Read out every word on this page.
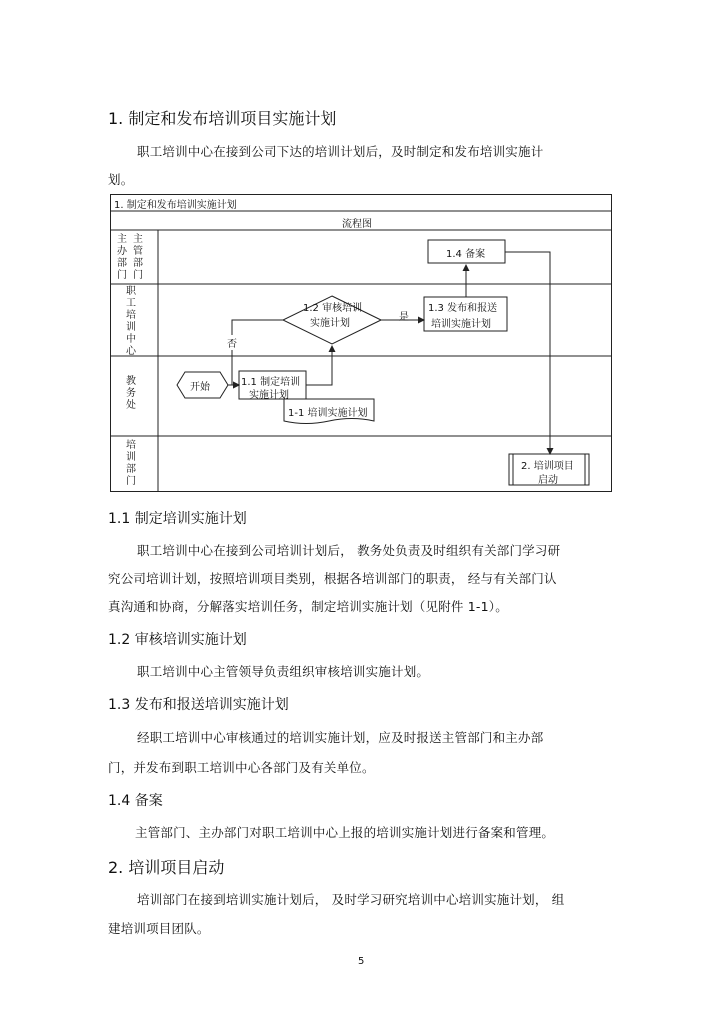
1. 制定和发布培训项目实施计划
职工培训中心在接到公司下达的培训计划后，及时制定和发布培训实施计
划。
1. 制定和发布培训实施计划
流程图
主办部门
主管部门
职工培训中心
教务处
培训部门
1.4 备案
1.2 审核培训
实施计划
1.3 发布和报送
培训实施计划
开始	1.1 制定培训
实施计划
1-1 培训实施计划
2. 培训项目
启动
是
否
1.1 制定培训实施计划
职工培训中心在接到公司培训计划后， 教务处负责及时组织有关部门学习研
究公司培训计划，按照培训项目类别，根据各培训部门的职责， 经与有关部门认
真沟通和协商，分解落实培训任务，制定培训实施计划（见附件 1-1）。
1.2 审核培训实施计划
职工培训中心主管领导负责组织审核培训实施计划。
1.3 发布和报送培训实施计划
经职工培训中心审核通过的培训实施计划，应及时报送主管部门和主办部
门，并发布到职工培训中心各部门及有关单位。
1.4 备案
主管部门、主办部门对职工培训中心上报的培训实施计划进行备案和管理。
2. 培训项目启动
培训部门在接到培训实施计划后， 及时学习研究培训中心培训实施计划， 组
建培训项目团队。
5
